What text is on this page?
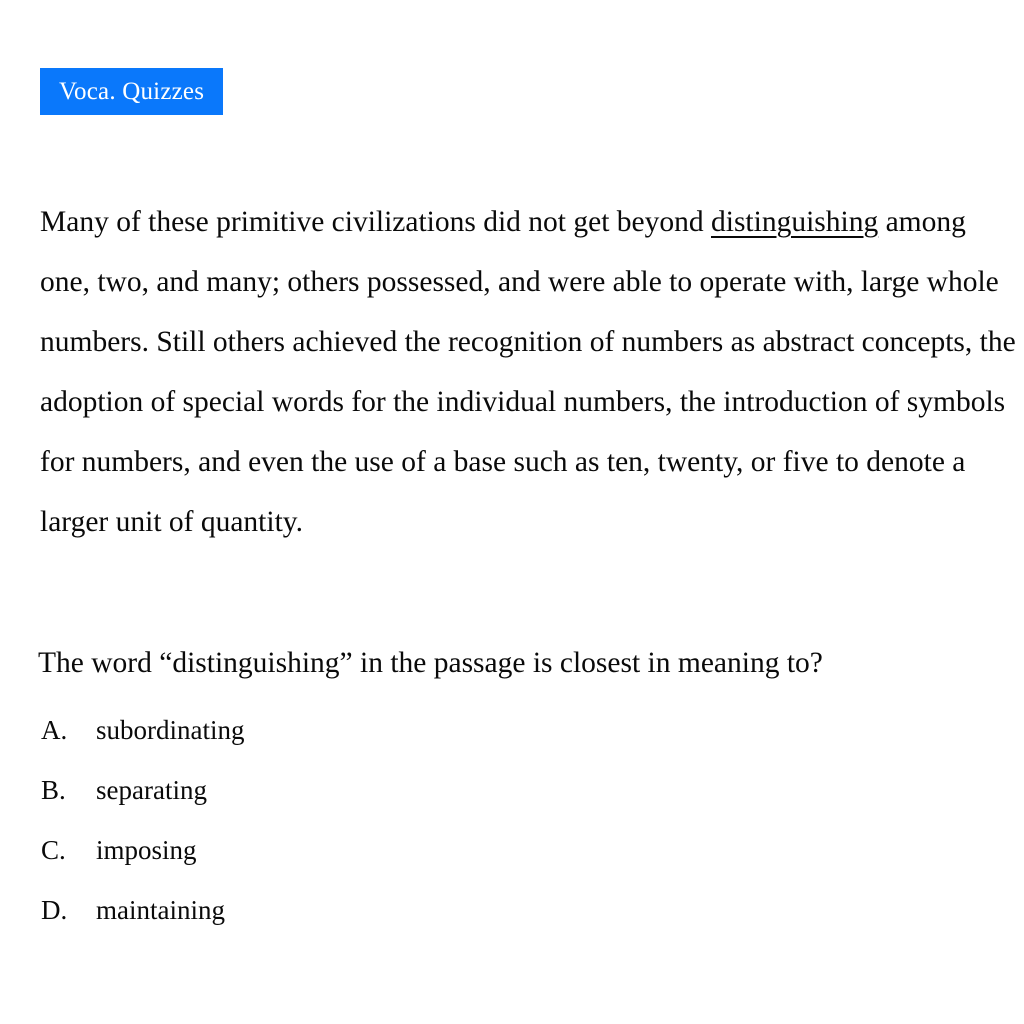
Voca. Quizzes

Many of these primitive civilizations did not get beyond distinguishing among one, two, and many; others possessed, and were able to operate with, large whole numbers. Still others achieved the recognition of numbers as abstract concepts, the adoption of special words for the individual numbers, the introduction of symbols for numbers, and even the use of a base such as ten, twenty, or five to denote a larger unit of quantity.

The word “distinguishing” in the passage is closest in meaning to?

A.	subordinating
B.	separating
C.	imposing
D.	maintaining
